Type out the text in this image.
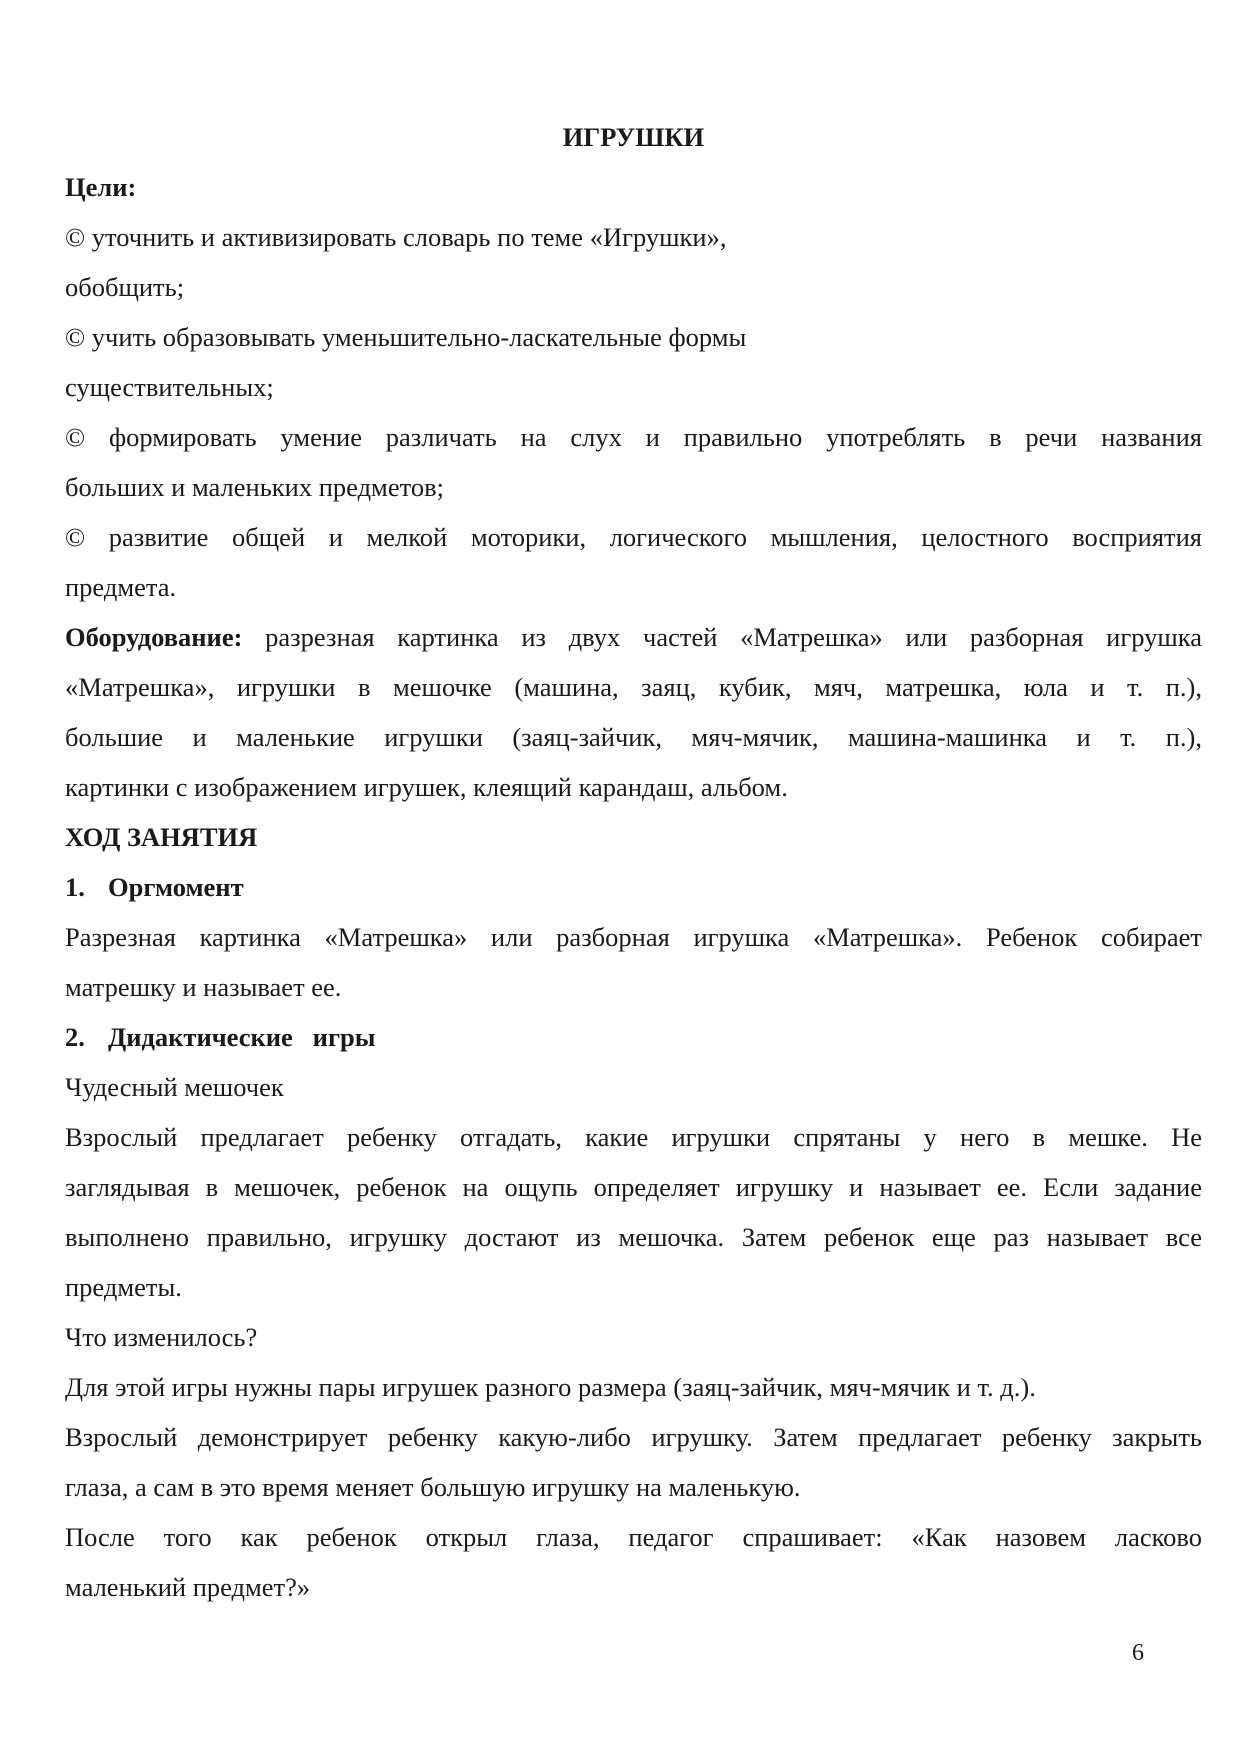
ИГРУШКИ
Цели:
© уточнить и активизировать словарь по теме «Игрушки»,
обобщить;
© учить образовывать уменьшительно-ласкательные формы
существительных;
© формировать умение различать на слух и правильно употреблять в речи названия
больших и маленьких предметов;
© развитие общей и мелкой моторики, логического мышления, целостного восприятия
предмета.
Оборудование: разрезная картинка из двух частей «Матрешка» или разборная игрушка
«Матрешка», игрушки в мешочке (машина, заяц, кубик, мяч, матрешка, юла и т. п.),
большие и маленькие игрушки (заяц-зайчик, мяч-мячик, машина-машинка и т. п.),
картинки с изображением игрушек, клеящий карандаш, альбом.
ХОД ЗАНЯТИЯ
1. Оргмомент
Разрезная картинка «Матрешка» или разборная игрушка «Матрешка». Ребенок собирает
матрешку и называет ее.
2. Дидактические   игры
Чудесный мешочек
Взрослый предлагает ребенку отгадать, какие игрушки спрятаны у него в мешке. Не
заглядывая в мешочек, ребенок на ощупь определяет игрушку и называет ее. Если задание
выполнено правильно, игрушку достают из мешочка. Затем ребенок еще раз называет все
предметы.
Что изменилось?
Для этой игры нужны пары игрушек разного размера (заяц-зайчик, мяч-мячик и т. д.).
Взрослый демонстрирует ребенку какую-либо игрушку. Затем предлагает ребенку закрыть
глаза, а сам в это время меняет большую игрушку на маленькую.
После того как ребенок открыл глаза, педагог спрашивает: «Как назовем ласково
маленький предмет?»
6
